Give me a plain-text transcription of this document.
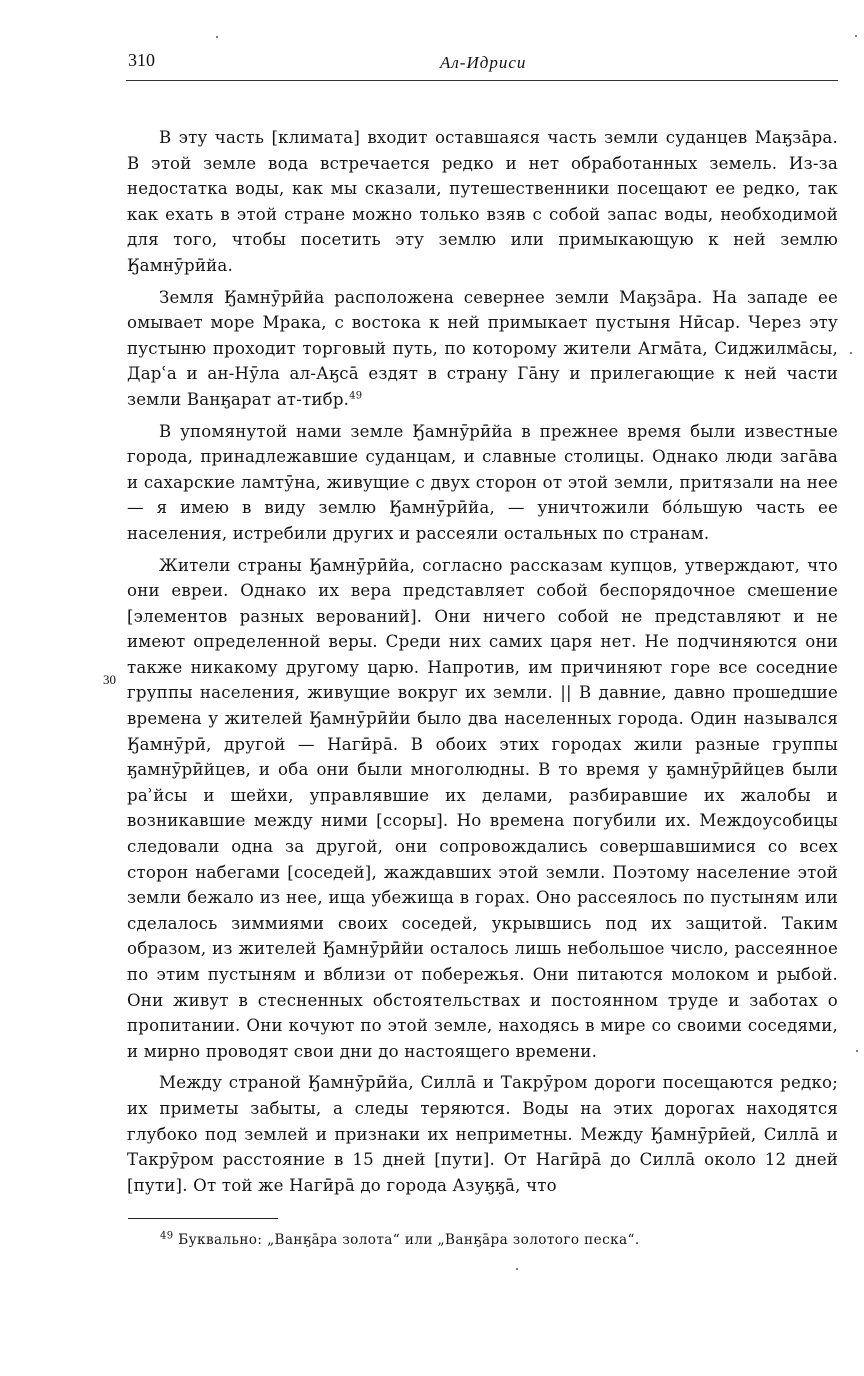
310	Ал-Идриси
30

В эту часть [климата] входит оставшаяся часть земли суданцев Маӄзāра. В этой земле вода встречается редко и нет обработанных земель. Из-за недостатка воды, как мы сказали, путешественники посещают ее редко, так как ехать в этой стране можно только взяв с собой запас воды, необходимой для того, чтобы посетить эту землю или примыкающую к ней землю Ӄамнӯрӣйа.

Земля Ӄамнӯрӣйа расположена севернее земли Маӄзāра. На западе ее омывает море Мрака, с востока к ней примыкает пустыня Нӣсар. Через эту пустыню проходит торговый путь, по которому жители Агмāта, Сиджилмāсы, Дарʿа и ан-Нӯла ал-Аӄсā ездят в страну Гāну и прилегающие к ней части земли Ванӄарат ат-тибр.$^{49}$

В упомянутой нами земле Ӄамнӯрӣйа в прежнее время были известные города, принадлежавшие суданцам, и славные столицы. Однако люди загāва и сахарские ламтӯна, живущие с двух сторон от этой земли, притязали на нее — я имею в виду землю Ӄамнӯрӣйа, — уничтожили бо́льшую часть ее населения, истребили других и рассеяли остальных по странам.

Жители страны Ӄамнӯрӣйа, согласно рассказам купцов, утверждают, что они евреи. Однако их вера представляет собой беспорядочное смешение [элементов разных верований]. Они ничего собой не представляют и не имеют определенной веры. Среди них самих царя нет. Не подчиняются они также никакому другому царю. Напротив, им причиняют горе все соседние группы населения, живущие вокруг их земли. || В давние, давно прошедшие времена у жителей Ӄамнӯрӣйи было два населенных города. Один назывался Ӄамнӯрӣ, другой — Нагӣрā. В обоих этих городах жили разные группы ӄамнӯрӣйцев, и оба они были многолюдны. В то время у ӄамнӯрӣйцев были раʾйсы и шейхи, управлявшие их делами, разбиравшие их жалобы и возникавшие между ними [ссоры]. Но времена погубили их. Междоусобицы следовали одна за другой, они сопровождались совершавшимися со всех сторон набегами [соседей], жаждавших этой земли. Поэтому население этой земли бежало из нее, ища убежища в горах. Оно рассеялось по пустыням или сделалось зиммиями своих соседей, укрывшись под их защитой. Таким образом, из жителей Ӄамнӯрӣйи осталось лишь небольшое число, рассеянное по этим пустыням и вблизи от побережья. Они питаются молоком и рыбой. Они живут в стесненных обстоятельствах и постоянном труде и заботах о пропитании. Они кочуют по этой земле, находясь в мире со своими соседями, и мирно проводят свои дни до настоящего времени.

Между страной Ӄамнӯрӣйа, Силлā и Такрӯром дороги посещаются редко; их приметы забыты, а следы теряются. Воды на этих дорогах находятся глубоко под землей и признаки их неприметны. Между Ӄамнӯрӣей, Силлā и Такрӯром расстояние в 15 дней [пути]. От Нагӣрā до Силлā около 12 дней [пути]. От той же Нагӣрā до города Азуӄӄā, что

$^{49}$ Буквально: „Ванӄāра золота“ или „Ванӄāра золотого песка“.
